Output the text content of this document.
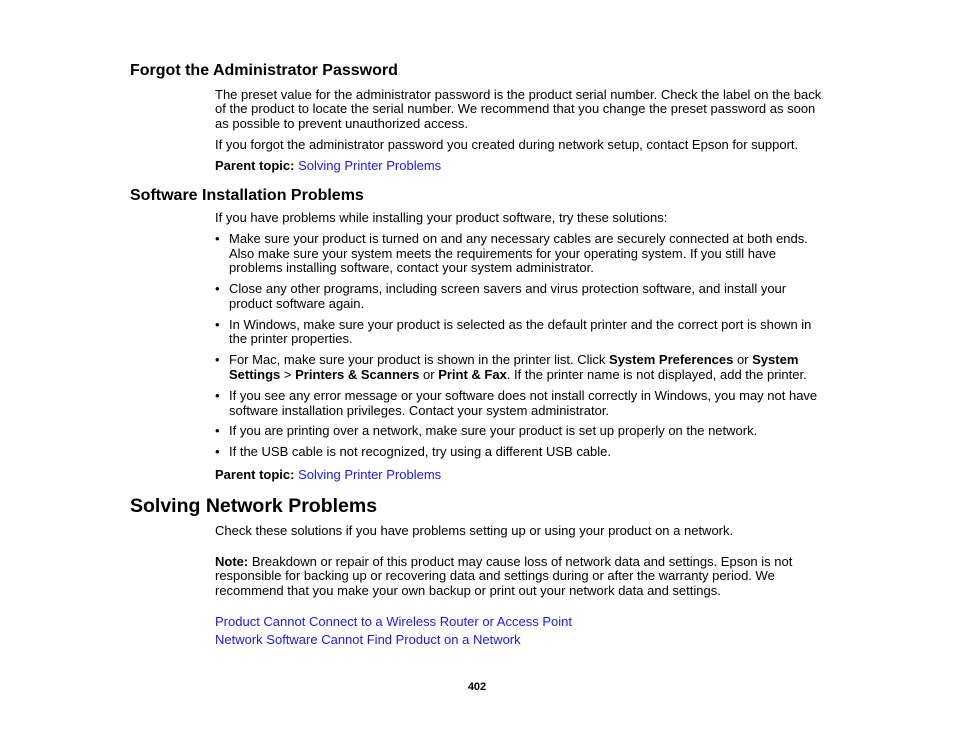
Forgot the Administrator Password

The preset value for the administrator password is the product serial number. Check the label on the back of the product to locate the serial number. We recommend that you change the preset password as soon as possible to prevent unauthorized access.

If you forgot the administrator password you created during network setup, contact Epson for support.

Parent topic: Solving Printer Problems

Software Installation Problems

If you have problems while installing your product software, try these solutions:

• Make sure your product is turned on and any necessary cables are securely connected at both ends. Also make sure your system meets the requirements for your operating system. If you still have problems installing software, contact your system administrator.
• Close any other programs, including screen savers and virus protection software, and install your product software again.
• In Windows, make sure your product is selected as the default printer and the correct port is shown in the printer properties.
• For Mac, make sure your product is shown in the printer list. Click System Preferences or System Settings > Printers & Scanners or Print & Fax. If the printer name is not displayed, add the printer.
• If you see any error message or your software does not install correctly in Windows, you may not have software installation privileges. Contact your system administrator.
• If you are printing over a network, make sure your product is set up properly on the network.
• If the USB cable is not recognized, try using a different USB cable.

Parent topic: Solving Printer Problems

Solving Network Problems

Check these solutions if you have problems setting up or using your product on a network.

Note: Breakdown or repair of this product may cause loss of network data and settings. Epson is not responsible for backing up or recovering data and settings during or after the warranty period. We recommend that you make your own backup or print out your network data and settings.

Product Cannot Connect to a Wireless Router or Access Point

Network Software Cannot Find Product on a Network

402
